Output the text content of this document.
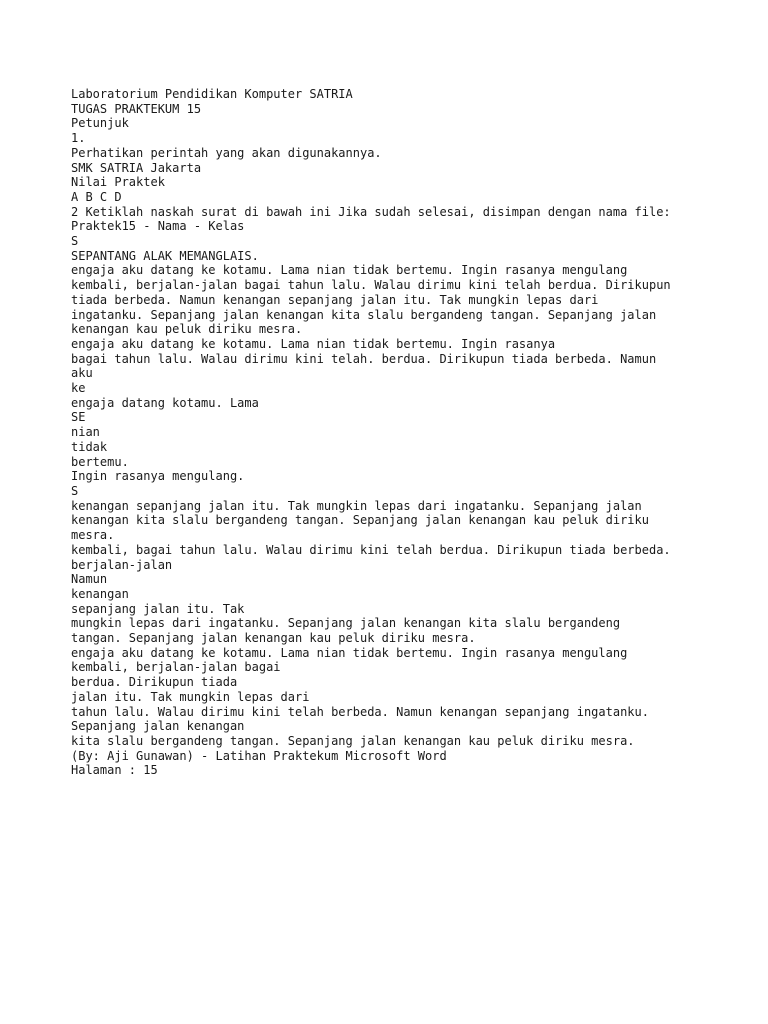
Laboratorium Pendidikan Komputer SATRIA
TUGAS PRAKTEKUM 15
Petunjuk
1.
Perhatikan perintah yang akan digunakannya.
SMK SATRIA Jakarta
Nilai Praktek
A B C D
2 Ketiklah naskah surat di bawah ini Jika sudah selesai, disimpan dengan nama file:
Praktek15 - Nama - Kelas
S
SEPANTANG ALAK MEMANGLAIS.
engaja aku datang ke kotamu. Lama nian tidak bertemu. Ingin rasanya mengulang
kembali, berjalan-jalan bagai tahun lalu. Walau dirimu kini telah berdua. Dirikupun
tiada berbeda. Namun kenangan sepanjang jalan itu. Tak mungkin lepas dari
ingatanku. Sepanjang jalan kenangan kita slalu bergandeng tangan. Sepanjang jalan
kenangan kau peluk diriku mesra.
engaja aku datang ke kotamu. Lama nian tidak bertemu. Ingin rasanya
bagai tahun lalu. Walau dirimu kini telah. berdua. Dirikupun tiada berbeda. Namun
aku
ke
engaja datang kotamu. Lama
SE
nian
tidak
bertemu.
Ingin rasanya mengulang.
S
kenangan sepanjang jalan itu. Tak mungkin lepas dari ingatanku. Sepanjang jalan
kenangan kita slalu bergandeng tangan. Sepanjang jalan kenangan kau peluk diriku
mesra.
kembali, bagai tahun lalu. Walau dirimu kini telah berdua. Dirikupun tiada berbeda.
berjalan-jalan
Namun
kenangan
sepanjang jalan itu. Tak
mungkin lepas dari ingatanku. Sepanjang jalan kenangan kita slalu bergandeng
tangan. Sepanjang jalan kenangan kau peluk diriku mesra.
engaja aku datang ke kotamu. Lama nian tidak bertemu. Ingin rasanya mengulang
kembali, berjalan-jalan bagai
berdua. Dirikupun tiada
jalan itu. Tak mungkin lepas dari
tahun lalu. Walau dirimu kini telah berbeda. Namun kenangan sepanjang ingatanku.
Sepanjang jalan kenangan
kita slalu bergandeng tangan. Sepanjang jalan kenangan kau peluk diriku mesra.
(By: Aji Gunawan) - Latihan Praktekum Microsoft Word
Halaman : 15
